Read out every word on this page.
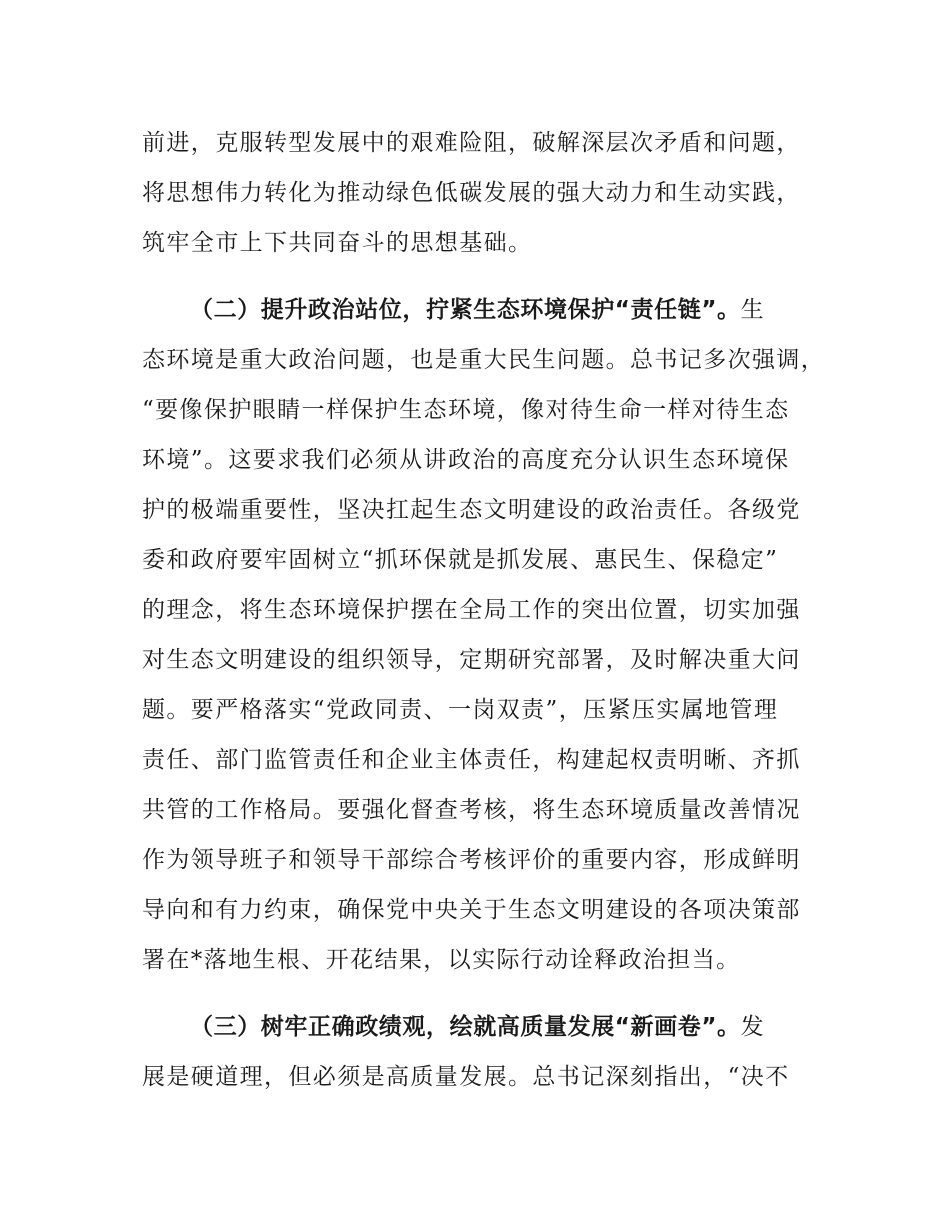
前进，克服转型发展中的艰难险阻，破解深层次矛盾和问题，
将思想伟力转化为推动绿色低碳发展的强大动力和生动实践，
筑牢全市上下共同奋斗的思想基础。
（二）提升政治站位，拧紧生态环境保护“责任链”。生
态环境是重大政治问题，也是重大民生问题。总书记多次强调，
“要像保护眼睛一样保护生态环境，像对待生命一样对待生态
环境”。这要求我们必须从讲政治的高度充分认识生态环境保
护的极端重要性，坚决扛起生态文明建设的政治责任。各级党
委和政府要牢固树立“抓环保就是抓发展、惠民生、保稳定”
的理念，将生态环境保护摆在全局工作的突出位置，切实加强
对生态文明建设的组织领导，定期研究部署，及时解决重大问
题。要严格落实“党政同责、一岗双责”，压紧压实属地管理
责任、部门监管责任和企业主体责任，构建起权责明晰、齐抓
共管的工作格局。要强化督查考核，将生态环境质量改善情况
作为领导班子和领导干部综合考核评价的重要内容，形成鲜明
导向和有力约束，确保党中央关于生态文明建设的各项决策部
署在*落地生根、开花结果，以实际行动诠释政治担当。
（三）树牢正确政绩观，绘就高质量发展“新画卷”。发
展是硬道理，但必须是高质量发展。总书记深刻指出，“决不
